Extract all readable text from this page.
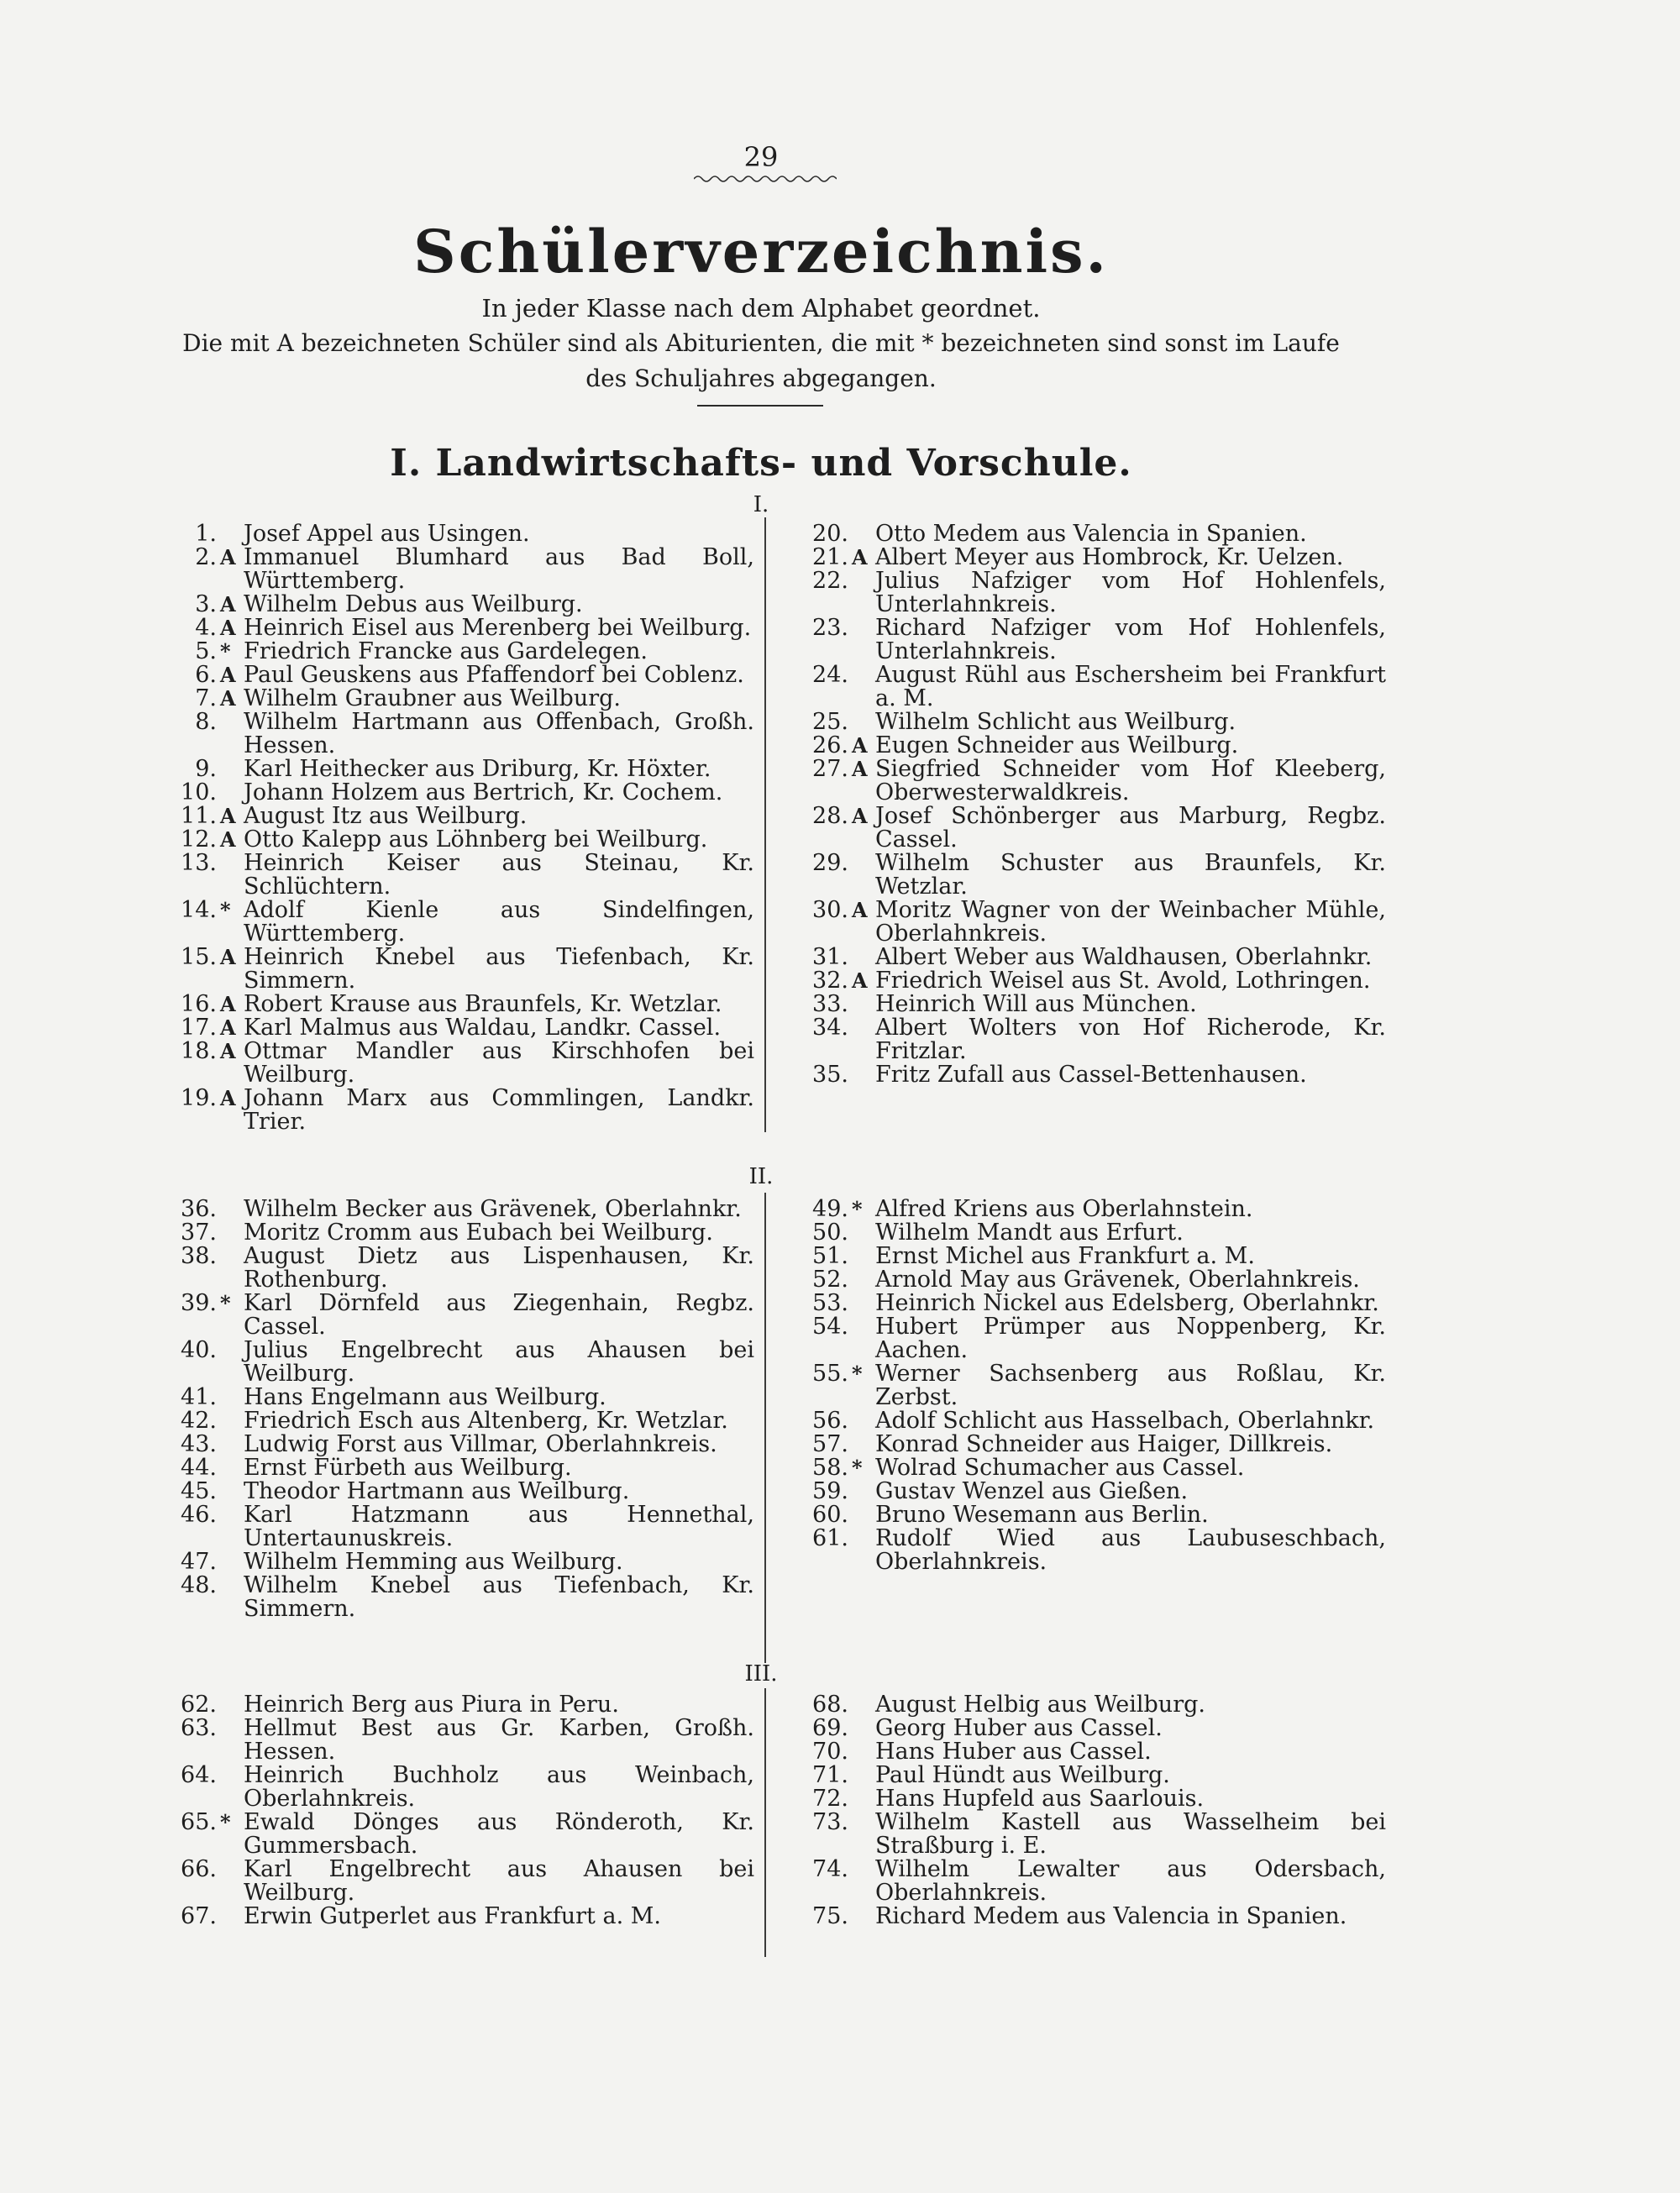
29
Schülerverzeichnis.
In jeder Klasse nach dem Alphabet geordnet.
Die mit A bezeichneten Schüler sind als Abiturienten, die mit * bezeichneten sind sonst im Laufe des Schuljahres abgegangen.
I. Landwirtschafts- und Vorschule.
I.
1. Josef Appel aus Usingen.
2. A Immanuel Blumhard aus Bad Boll, Württemberg.
3. A Wilhelm Debus aus Weilburg.
4. A Heinrich Eisel aus Merenberg bei Weilburg.
5. * Friedrich Francke aus Gardelegen.
6. A Paul Geuskens aus Pfaffendorf bei Coblenz.
7. A Wilhelm Graubner aus Weilburg.
8. Wilhelm Hartmann aus Offenbach, Großh. Hessen.
9. Karl Heithecker aus Driburg, Kr. Höxter.
10. Johann Holzem aus Bertrich, Kr. Cochem.
11. A August Itz aus Weilburg.
12. A Otto Kalepp aus Löhnberg bei Weilburg.
13. Heinrich Keiser aus Steinau, Kr. Schlüchtern.
14. * Adolf Kienle aus Sindelfingen, Württemberg.
15. A Heinrich Knebel aus Tiefenbach, Kr. Simmern.
16. A Robert Krause aus Braunfels, Kr. Wetzlar.
17. A Karl Malmus aus Waldau, Landkr. Cassel.
18. A Ottmar Mandler aus Kirschhofen bei Weilburg.
19. A Johann Marx aus Commlingen, Landkr. Trier.
20. Otto Medem aus Valencia in Spanien.
21. A Albert Meyer aus Hombrock, Kr. Uelzen.
22. Julius Nafziger vom Hof Hohlenfels, Unterlahnkreis.
23. Richard Nafziger vom Hof Hohlenfels, Unterlahnkreis.
24. August Rühl aus Eschersheim bei Frankfurt a. M.
25. Wilhelm Schlicht aus Weilburg.
26. A Eugen Schneider aus Weilburg.
27. A Siegfried Schneider vom Hof Kleeberg, Oberwesterwaldkreis.
28. A Josef Schönberger aus Marburg, Regbz. Cassel.
29. Wilhelm Schuster aus Braunfels, Kr. Wetzlar.
30. A Moritz Wagner von der Weinbacher Mühle, Oberlahnkreis.
31. Albert Weber aus Waldhausen, Oberlahnkr.
32. A Friedrich Weisel aus St. Avold, Lothringen.
33. Heinrich Will aus München.
34. Albert Wolters von Hof Richerode, Kr. Fritzlar.
35. Fritz Zufall aus Cassel-Bettenhausen.
II.
36. Wilhelm Becker aus Grävenek, Oberlahnkr.
37. Moritz Cromm aus Eubach bei Weilburg.
38. August Dietz aus Lispenhausen, Kr. Rothenburg.
39. * Karl Dörnfeld aus Ziegenhain, Regbz. Cassel.
40. Julius Engelbrecht aus Ahausen bei Weilburg.
41. Hans Engelmann aus Weilburg.
42. Friedrich Esch aus Altenberg, Kr. Wetzlar.
43. Ludwig Forst aus Villmar, Oberlahnkreis.
44. Ernst Fürbeth aus Weilburg.
45. Theodor Hartmann aus Weilburg.
46. Karl Hatzmann aus Hennethal, Untertaunuskreis.
47. Wilhelm Hemming aus Weilburg.
48. Wilhelm Knebel aus Tiefenbach, Kr. Simmern.
49. * Alfred Kriens aus Oberlahnstein.
50. Wilhelm Mandt aus Erfurt.
51. Ernst Michel aus Frankfurt a. M.
52. Arnold May aus Grävenek, Oberlahnkreis.
53. Heinrich Nickel aus Edelsberg, Oberlahnkr.
54. Hubert Prümper aus Noppenberg, Kr. Aachen.
55. * Werner Sachsenberg aus Roßlau, Kr. Zerbst.
56. Adolf Schlicht aus Hasselbach, Oberlahnkr.
57. Konrad Schneider aus Haiger, Dillkreis.
58. * Wolrad Schumacher aus Cassel.
59. Gustav Wenzel aus Gießen.
60. Bruno Wesemann aus Berlin.
61. Rudolf Wied aus Laubuseschbach, Oberlahnkreis.
III.
62. Heinrich Berg aus Piura in Peru.
63. Hellmut Best aus Gr. Karben, Großh. Hessen.
64. Heinrich Buchholz aus Weinbach, Oberlahnkreis.
65. * Ewald Dönges aus Rönderoth, Kr. Gummersbach.
66. Karl Engelbrecht aus Ahausen bei Weilburg.
67. Erwin Gutperlet aus Frankfurt a. M.
68. August Helbig aus Weilburg.
69. Georg Huber aus Cassel.
70. Hans Huber aus Cassel.
71. Paul Hündt aus Weilburg.
72. Hans Hupfeld aus Saarlouis.
73. Wilhelm Kastell aus Wasselheim bei Straßburg i. E.
74. Wilhelm Lewalter aus Odersbach, Oberlahnkreis.
75. Richard Medem aus Valencia in Spanien.
